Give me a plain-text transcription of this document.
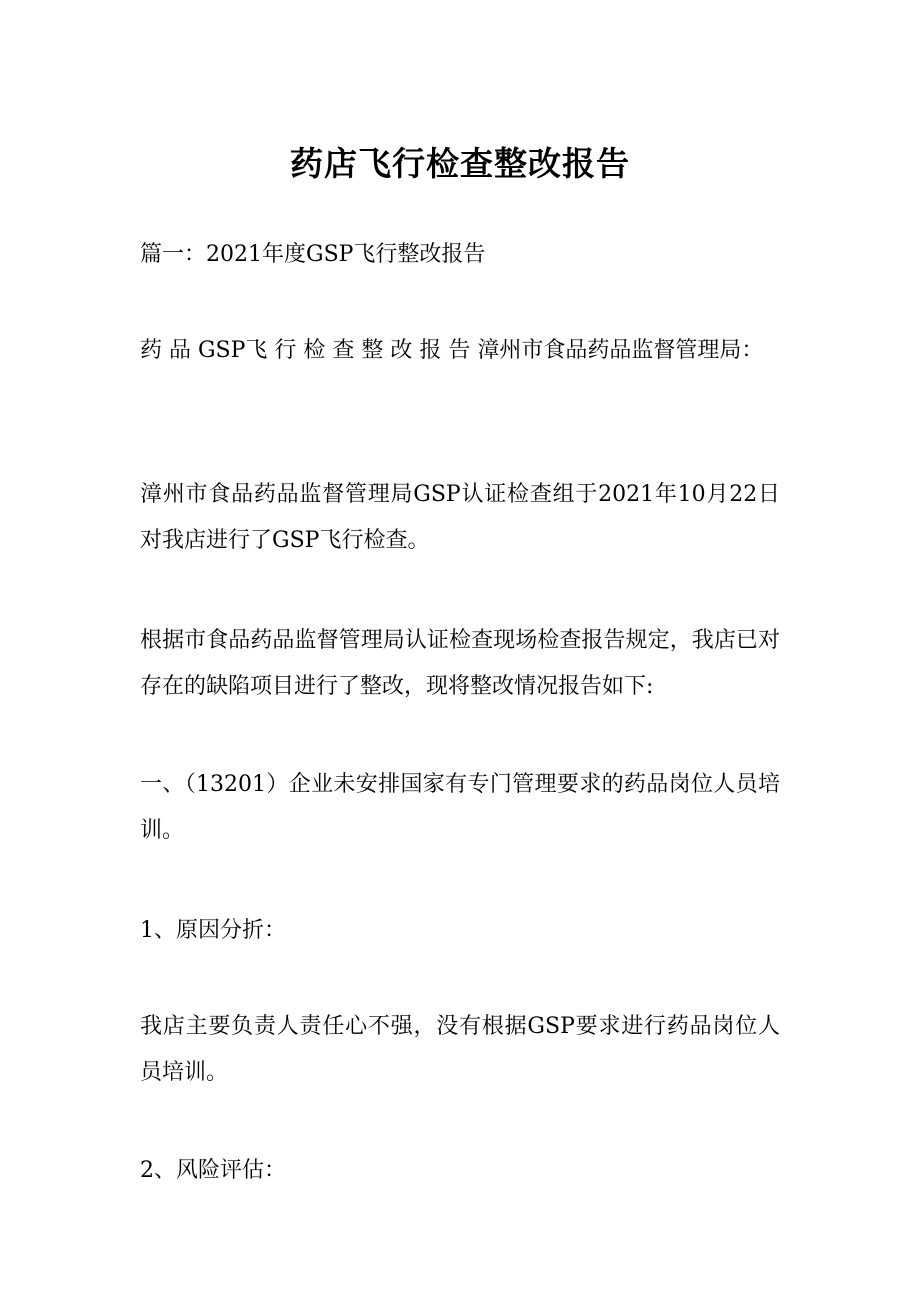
药店飞行检查整改报告

篇一：2021年度GSP飞行整改报告

药 品 GSP飞 行 检 查 整 改 报 告 漳州市食品药品监督管理局：

漳州市食品药品监督管理局GSP认证检查组于2021年10月22日对我店进行了GSP飞行检查。

根据市食品药品监督管理局认证检查现场检查报告规定，我店已对存在的缺陷项目进行了整改，现将整改情况报告如下:

一、（13201）企业未安排国家有专门管理要求的药品岗位人员培训。

1、原因分折：

我店主要负责人责任心不强，没有根据GSP要求进行药品岗位人员培训。

2、风险评估：
